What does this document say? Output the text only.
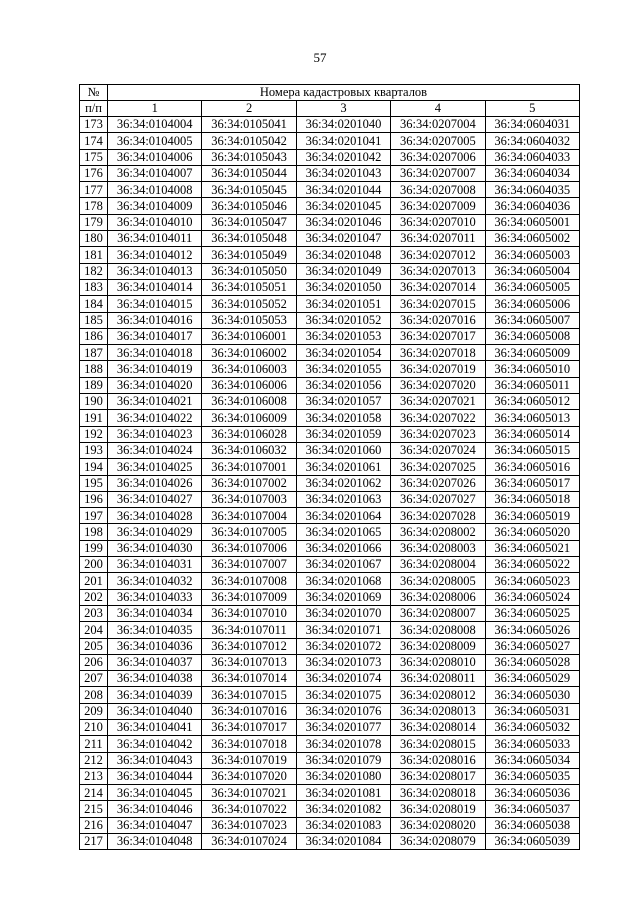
57
№	Номера кадастровых кварталов				
п/п	1	2	3	4	5
173	36:34:0104004	36:34:0105041	36:34:0201040	36:34:0207004	36:34:0604031
174	36:34:0104005	36:34:0105042	36:34:0201041	36:34:0207005	36:34:0604032
175	36:34:0104006	36:34:0105043	36:34:0201042	36:34:0207006	36:34:0604033
176	36:34:0104007	36:34:0105044	36:34:0201043	36:34:0207007	36:34:0604034
177	36:34:0104008	36:34:0105045	36:34:0201044	36:34:0207008	36:34:0604035
178	36:34:0104009	36:34:0105046	36:34:0201045	36:34:0207009	36:34:0604036
179	36:34:0104010	36:34:0105047	36:34:0201046	36:34:0207010	36:34:0605001
180	36:34:0104011	36:34:0105048	36:34:0201047	36:34:0207011	36:34:0605002
181	36:34:0104012	36:34:0105049	36:34:0201048	36:34:0207012	36:34:0605003
182	36:34:0104013	36:34:0105050	36:34:0201049	36:34:0207013	36:34:0605004
183	36:34:0104014	36:34:0105051	36:34:0201050	36:34:0207014	36:34:0605005
184	36:34:0104015	36:34:0105052	36:34:0201051	36:34:0207015	36:34:0605006
185	36:34:0104016	36:34:0105053	36:34:0201052	36:34:0207016	36:34:0605007
186	36:34:0104017	36:34:0106001	36:34:0201053	36:34:0207017	36:34:0605008
187	36:34:0104018	36:34:0106002	36:34:0201054	36:34:0207018	36:34:0605009
188	36:34:0104019	36:34:0106003	36:34:0201055	36:34:0207019	36:34:0605010
189	36:34:0104020	36:34:0106006	36:34:0201056	36:34:0207020	36:34:0605011
190	36:34:0104021	36:34:0106008	36:34:0201057	36:34:0207021	36:34:0605012
191	36:34:0104022	36:34:0106009	36:34:0201058	36:34:0207022	36:34:0605013
192	36:34:0104023	36:34:0106028	36:34:0201059	36:34:0207023	36:34:0605014
193	36:34:0104024	36:34:0106032	36:34:0201060	36:34:0207024	36:34:0605015
194	36:34:0104025	36:34:0107001	36:34:0201061	36:34:0207025	36:34:0605016
195	36:34:0104026	36:34:0107002	36:34:0201062	36:34:0207026	36:34:0605017
196	36:34:0104027	36:34:0107003	36:34:0201063	36:34:0207027	36:34:0605018
197	36:34:0104028	36:34:0107004	36:34:0201064	36:34:0207028	36:34:0605019
198	36:34:0104029	36:34:0107005	36:34:0201065	36:34:0208002	36:34:0605020
199	36:34:0104030	36:34:0107006	36:34:0201066	36:34:0208003	36:34:0605021
200	36:34:0104031	36:34:0107007	36:34:0201067	36:34:0208004	36:34:0605022
201	36:34:0104032	36:34:0107008	36:34:0201068	36:34:0208005	36:34:0605023
202	36:34:0104033	36:34:0107009	36:34:0201069	36:34:0208006	36:34:0605024
203	36:34:0104034	36:34:0107010	36:34:0201070	36:34:0208007	36:34:0605025
204	36:34:0104035	36:34:0107011	36:34:0201071	36:34:0208008	36:34:0605026
205	36:34:0104036	36:34:0107012	36:34:0201072	36:34:0208009	36:34:0605027
206	36:34:0104037	36:34:0107013	36:34:0201073	36:34:0208010	36:34:0605028
207	36:34:0104038	36:34:0107014	36:34:0201074	36:34:0208011	36:34:0605029
208	36:34:0104039	36:34:0107015	36:34:0201075	36:34:0208012	36:34:0605030
209	36:34:0104040	36:34:0107016	36:34:0201076	36:34:0208013	36:34:0605031
210	36:34:0104041	36:34:0107017	36:34:0201077	36:34:0208014	36:34:0605032
211	36:34:0104042	36:34:0107018	36:34:0201078	36:34:0208015	36:34:0605033
212	36:34:0104043	36:34:0107019	36:34:0201079	36:34:0208016	36:34:0605034
213	36:34:0104044	36:34:0107020	36:34:0201080	36:34:0208017	36:34:0605035
214	36:34:0104045	36:34:0107021	36:34:0201081	36:34:0208018	36:34:0605036
215	36:34:0104046	36:34:0107022	36:34:0201082	36:34:0208019	36:34:0605037
216	36:34:0104047	36:34:0107023	36:34:0201083	36:34:0208020	36:34:0605038
217	36:34:0104048	36:34:0107024	36:34:0201084	36:34:0208079	36:34:0605039
